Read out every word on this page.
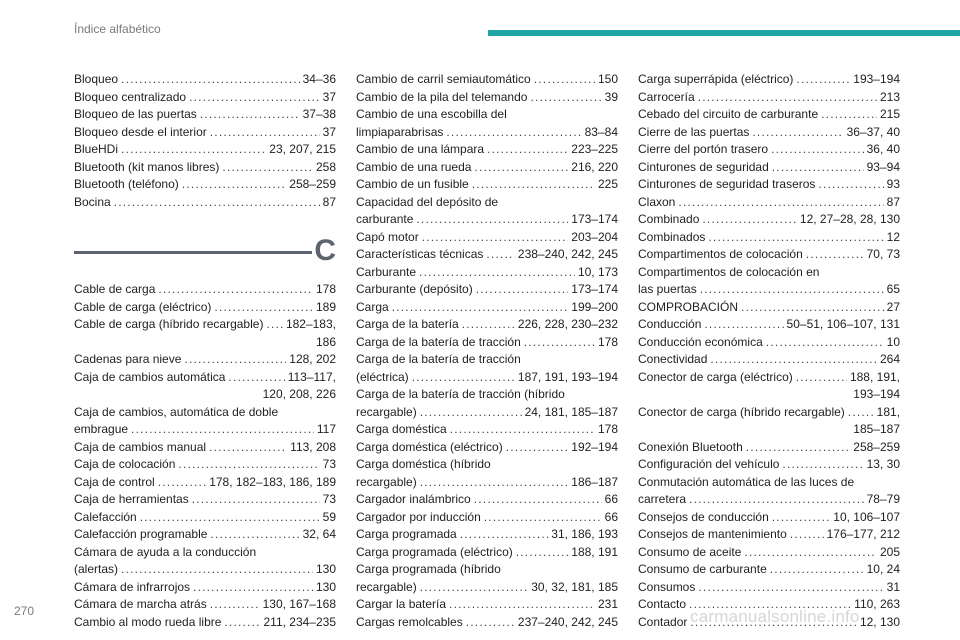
Índice alfabético
Bloqueo .....	34–36
Bloqueo centralizado .....	37
Bloqueo de las puertas .....	37–38
Bloqueo desde el interior .....	37
BlueHDi .....	23, 207, 215
Bluetooth (kit manos libres) .....	258
Bluetooth (teléfono) .....	258–259
Bocina .....	87
C
Cable de carga .....	178
Cable de carga (eléctrico) .....	189
Cable de carga (híbrido recargable) ..... 182–183,
186
Cadenas para nieve .....	128, 202
Caja de cambios automática .....	113–117,
120, 208, 226
Caja de cambios, automática de doble
embrague .....	117
Caja de cambios manual .....	113, 208
Caja de colocación .....	73
Caja de control .....	178, 182–183, 186, 189
Caja de herramientas .....	73
Calefacción .....	59
Calefacción programable .....	32, 64
Cámara de ayuda a la conducción
(alertas) .....	130
Cámara de infrarrojos .....	130
Cámara de marcha atrás .....	130, 167–168
Cambio al modo rueda libre .....	211, 234–235
Cambio de carril semiautomático .....	150
Cambio de la pila del telemando .....	39
Cambio de una escobilla del
limpiaparabrisas .....	83–84
Cambio de una lámpara .....	223–225
Cambio de una rueda .....	216, 220
Cambio de un fusible .....	225
Capacidad del depósito de
carburante .....	173–174
Capó motor .....	203–204
Características técnicas .....	238–240, 242, 245
Carburante .....	10, 173
Carburante (depósito) .....	173–174
Carga .....	199–200
Carga de la batería .....	226, 228, 230–232
Carga de la batería de tracción .....	178
Carga de la batería de tracción
(eléctrica) .....	187, 191, 193–194
Carga de la batería de tracción (híbrido
recargable) .....	24, 181, 185–187
Carga doméstica .....	178
Carga doméstica (eléctrico) .....	192–194
Carga doméstica (híbrido
recargable) .....	186–187
Cargador inalámbrico .....	66
Cargador por inducción .....	66
Carga programada .....	31, 186, 193
Carga programada (eléctrico) .....	188, 191
Carga programada (híbrido
recargable) .....	30, 32, 181, 185
Cargar la batería .....	231
Cargas remolcables .....	237–240, 242, 245
Carga superrápida (eléctrico) .....	193–194
Carrocería .....	213
Cebado del circuito de carburante .....	215
Cierre de las puertas .....	36–37, 40
Cierre del portón trasero .....	36, 40
Cinturones de seguridad .....	93–94
Cinturones de seguridad traseros .....	93
Claxon .....	87
Combinado .....	12, 27–28, 28, 130
Combinados .....	12
Compartimentos de colocación .....	70, 73
Compartimentos de colocación en
las puertas .....	65
COMPROBACIÓN .....	27
Conducción .....	50–51, 106–107, 131
Conducción económica .....	10
Conectividad .....	264
Conector de carga (eléctrico) .....	188, 191,
193–194
Conector de carga (híbrido recargable) .....	181,
185–187
Conexión Bluetooth .....	258–259
Configuración del vehículo .....	13, 30
Conmutación automática de las luces de
carretera .....	78–79
Consejos de conducción .....	10, 106–107
Consejos de mantenimiento .....	176–177, 212
Consumo de aceite .....	205
Consumo de carburante .....	10, 24
Consumos .....	31
Contacto .....	110, 263
Contador .....	12, 130
270	carmanualsonline.info
